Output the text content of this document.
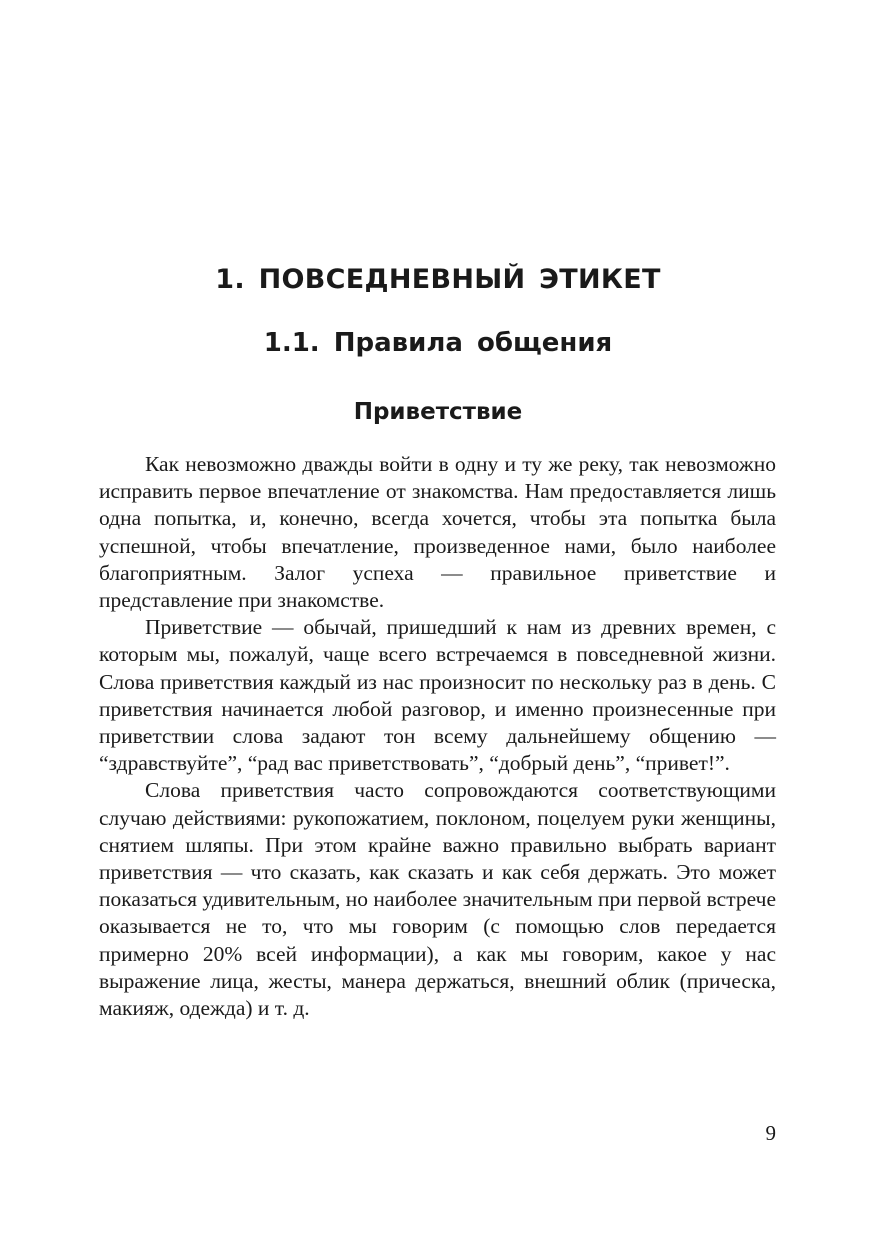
1. ПОВСЕДНЕВНЫЙ ЭТИКЕТ
1.1. Правила общения
Приветствие

Как невозможно дважды войти в одну и ту же реку, так невозможно исправить первое впечатление от знакомства. Нам предоставляется лишь одна попытка, и, конечно, всегда хочется, чтобы эта попытка была успешной, чтобы впечатление, произведенное нами, было наиболее благоприятным. Залог успеха — правильное приветствие и представление при знакомстве.

Приветствие — обычай, пришедший к нам из древних времен, с которым мы, пожалуй, чаще всего встречаемся в повседневной жизни. Слова приветствия каждый из нас произносит по нескольку раз в день. С приветствия начинается любой разговор, и именно произнесенные при приветствии слова задают тон всему дальнейшему общению — “здравствуйте”, “рад вас приветствовать”, “добрый день”, “привет!”.

Слова приветствия часто сопровождаются соответствующими случаю действиями: рукопожатием, поклоном, поцелуем руки женщины, снятием шляпы. При этом крайне важно правильно выбрать вариант приветствия — что сказать, как сказать и как себя держать. Это может показаться удивительным, но наиболее значительным при первой встрече оказывается не то, что мы говорим (с помощью слов передается примерно 20% всей информации), а как мы говорим, какое у нас выражение лица, жесты, манера держаться, внешний облик (прическа, макияж, одежда) и т. д.

9
